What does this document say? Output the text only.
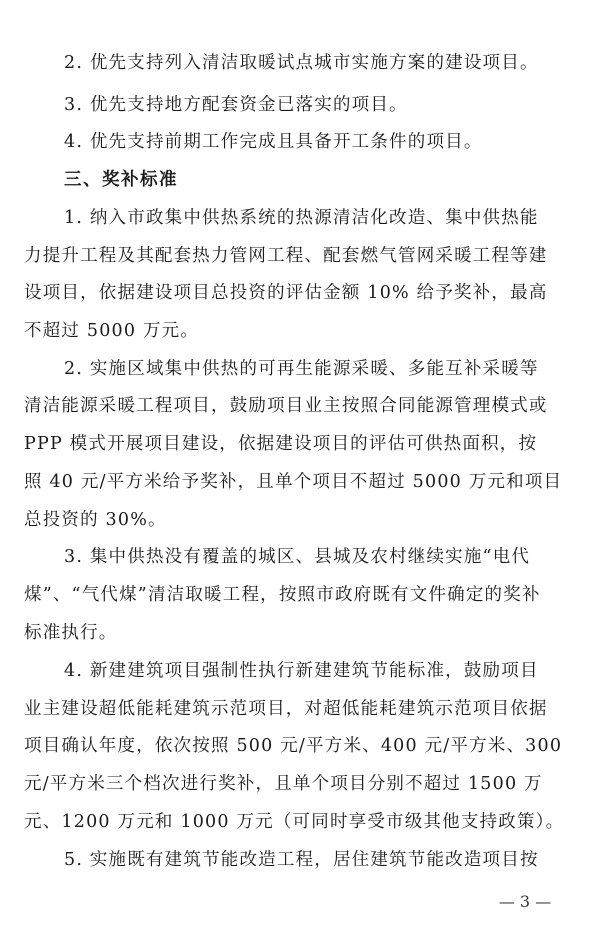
2. 优先支持列入清洁取暖试点城市实施方案的建设项目。
3. 优先支持地方配套资金已落实的项目。
4. 优先支持前期工作完成且具备开工条件的项目。
三、奖补标准
1. 纳入市政集中供热系统的热源清洁化改造、集中供热能
力提升工程及其配套热力管网工程、配套燃气管网采暖工程等建
设项目，依据建设项目总投资的评估金额 10% 给予奖补，最高
不超过 5000 万元。
2. 实施区域集中供热的可再生能源采暖、多能互补采暖等
清洁能源采暖工程项目，鼓励项目业主按照合同能源管理模式或
PPP 模式开展项目建设，依据建设项目的评估可供热面积，按
照 40 元/平方米给予奖补，且单个项目不超过 5000 万元和项目
总投资的 30%。
3. 集中供热没有覆盖的城区、县城及农村继续实施“电代
煤”、“气代煤”清洁取暖工程，按照市政府既有文件确定的奖补
标准执行。
4. 新建建筑项目强制性执行新建建筑节能标准，鼓励项目
业主建设超低能耗建筑示范项目，对超低能耗建筑示范项目依据
项目确认年度，依次按照 500 元/平方米、400 元/平方米、300
元/平方米三个档次进行奖补，且单个项目分别不超过 1500 万
元、1200 万元和 1000 万元（可同时享受市级其他支持政策）。
5. 实施既有建筑节能改造工程，居住建筑节能改造项目按
— 3 —
